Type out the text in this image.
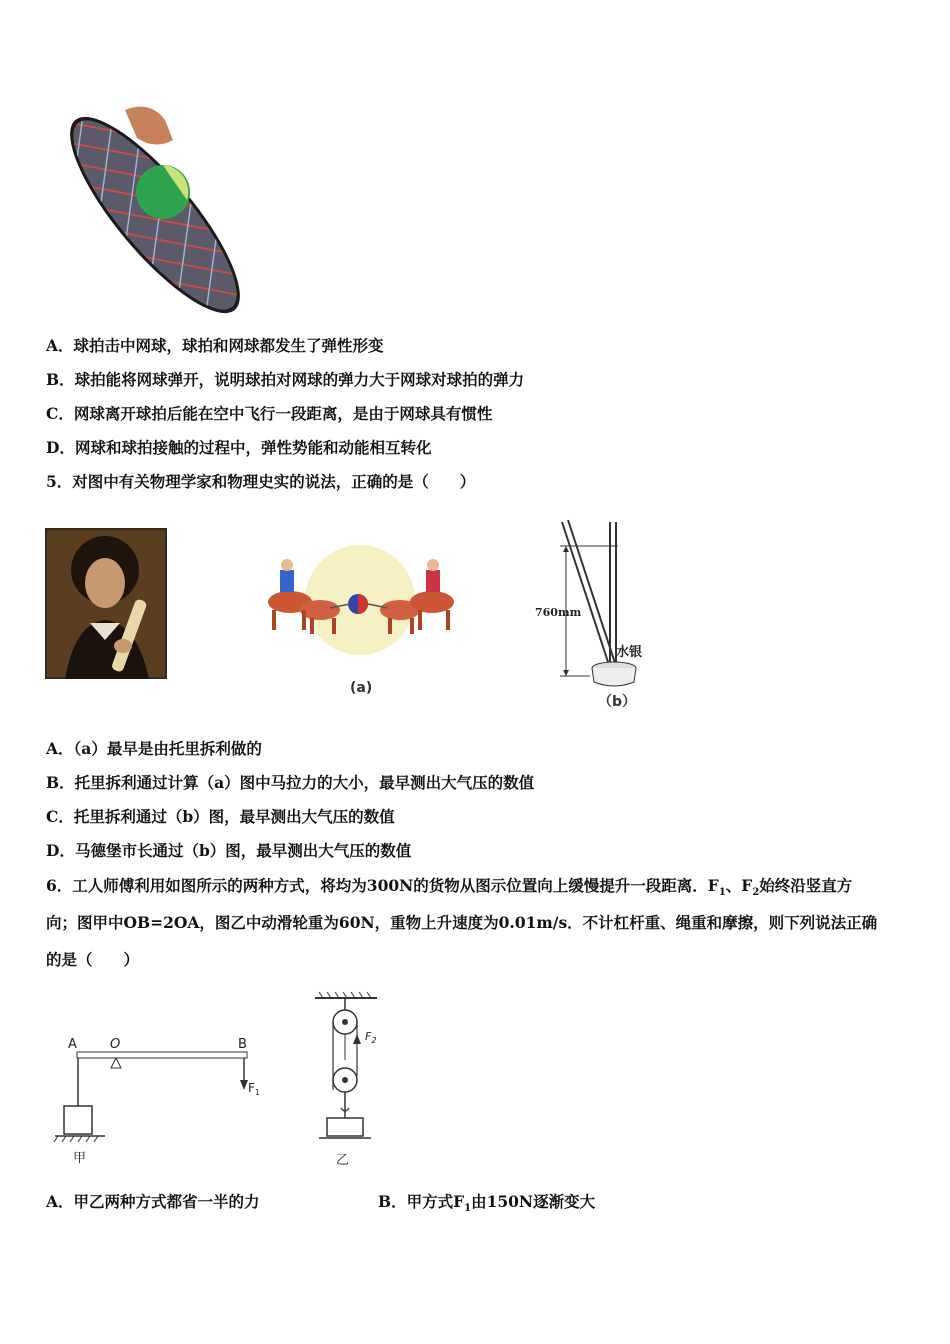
A．球拍击中网球，球拍和网球都发生了弹性形变
B．球拍能将网球弹开，说明球拍对网球的弹力大于网球对球拍的弹力
C．网球离开球拍后能在空中飞行一段距离，是由于网球具有惯性
D．网球和球拍接触的过程中，弹性势能和动能相互转化
5．对图中有关物理学家和物理史实的说法，正确的是（　　）
(a)
760mm
水银
（b）
A．（a）最早是由托里拆利做的
B．托里拆利通过计算（a）图中马拉力的大小，最早测出大气压的数值
C．托里拆利通过（b）图，最早测出大气压的数值
D．马德堡市长通过（b）图，最早测出大气压的数值
6．工人师傅利用如图所示的两种方式，将均为300N的货物从图示位置向上缓慢提升一段距离．$F_1$、$F_2$始终沿竖直方
向；图甲中OB=2OA，图乙中动滑轮重为60N，重物上升速度为0.01m/s．不计杠杆重、绳重和摩擦，则下列说法正确
的是（　　）
A	O	B
$F_1$
甲
$F_2$
乙
A．甲乙两种方式都省一半的力	B．甲方式$F_1$由150N逐渐变大
